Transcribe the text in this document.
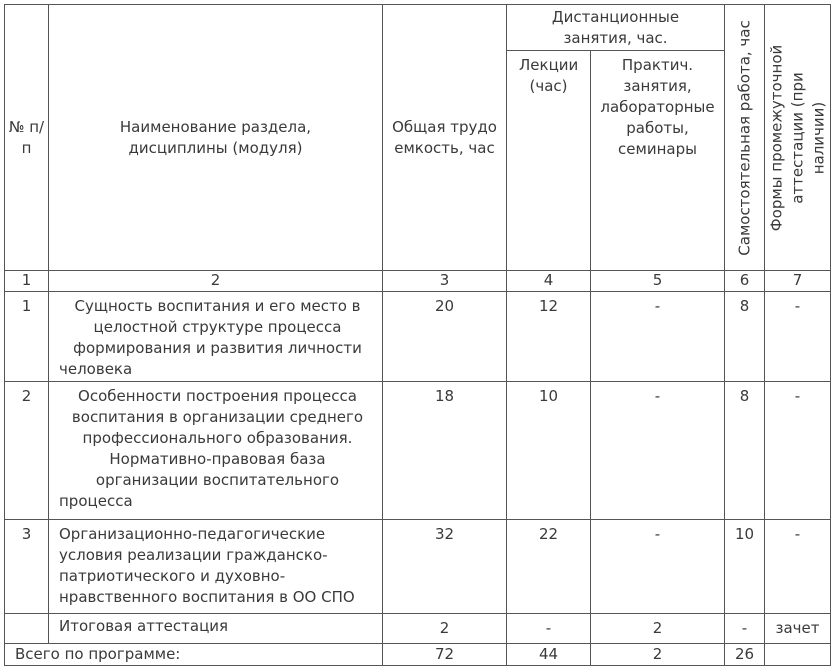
№ п/п	Наименование раздела, дисциплины (модуля)	Общая трудоемкость, час	Дистанционные занятия, час.		Самостоятельная работа, час	Формы промежуточной аттестации (при наличии)

			Лекции (час)	Практич. занятия, лабораторные работы, семинары		
1	2	3	4	5	6	7
1	Сущность воспитания и его место в целостной структуре процесса формирования и развития личности человека	20	12	-	8	-
2	Особенности построения процесса воспитания в организации среднего профессионального образования. Нормативно-правовая база организации воспитательного процесса	18	10	-	8	-
3	Организационно-педагогические условия реализации гражданско-патриотического и духовно-нравственного воспитания в ОО СПО	32	22	-	10	-
	Итоговая аттестация	2	-	2	-	зачет
Всего по программе:		72	44	2	26	
